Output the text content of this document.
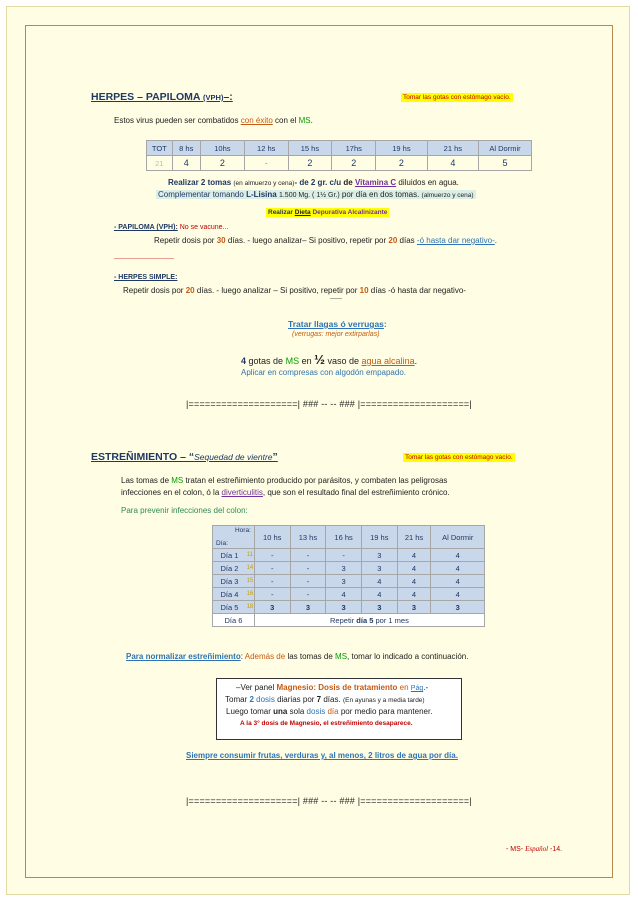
HERPES – PAPILOMA (VPH)–:	Tomar las gotas con estómago vacío.
Estos virus pueden ser combatidos con éxito con el MS.
TOT	8 hs	10hs	12 hs	15 hs	17hs	19 hs	21 hs	Al Dormir
21	4	2	-	2	2	2	4	5
Realizar 2 tomas (en almuerzo y cena)- de 2 gr. c/u de Vitamina C diluidos en agua.
Complementar tomando L-Lisina 1.500 Mg. ( 1½ Gr.) por día en dos tomas. (almuerzo y cena)
Realizar Dieta Depurativa Alcalinizante
- PAPILOMA (VPH): No se vacune...
Repetir dosis por 30 días. - luego analizar– Si positivo, repetir por 20 días -ó hasta dar negativo-.
------------------------------
- HERPES SIMPLE:
Repetir dosis por 20 días. - luego analizar – Si positivo, repetir por 10 días -ó hasta dar negativo-
------
Tratar llagas ó verrugas:
(verrugas: mejor extirparlas)
4 gotas de MS en ½ vaso de agua alcalina.
Aplicar en compresas con algodón empapado.
|====================| ### -- -- ### |====================|
ESTREÑIMIENTO – “Sequedad de vientre”	Tomar las gotas con estómago vacío.
Las tomas de MS tratan el estreñimiento producido por parásitos, y combaten las peligrosas
infecciones en el colon, ó la diverticulitis, que son el resultado final del estreñimiento crónico.
Para prevenir infecciones del colon:
Hora:
Día:		10 hs	13 hs	16 hs	19 hs	21 hs	Al Dormir
Día 1	11	-	-	-	3	4	4
Día 2	14	-	-	3	3	4	4
Día 3	15	-	-	3	4	4	4
Día 4	16	-	-	4	4	4	4
Día 5	18	3	3	3	3	3	3
Día 6		Repetir día 5 por 1 mes					
Para normalizar estreñimiento: Además de las tomas de MS, tomar lo indicado a continuación.
–Ver panel Magnesio: Dosis de tratamiento en Pág.-
Tomar 2 dosis diarias por 7 días. (En ayunas y a media tarde)
Luego tomar una sola dosis día por medio para mantener.
A la 3° dosis de Magnesio, el estreñimiento desaparece.
Siempre consumir frutas, verduras y, al menos, 2 litros de agua por día.
|====================| ### -- -- ### |====================|
- MS- Español -14.
